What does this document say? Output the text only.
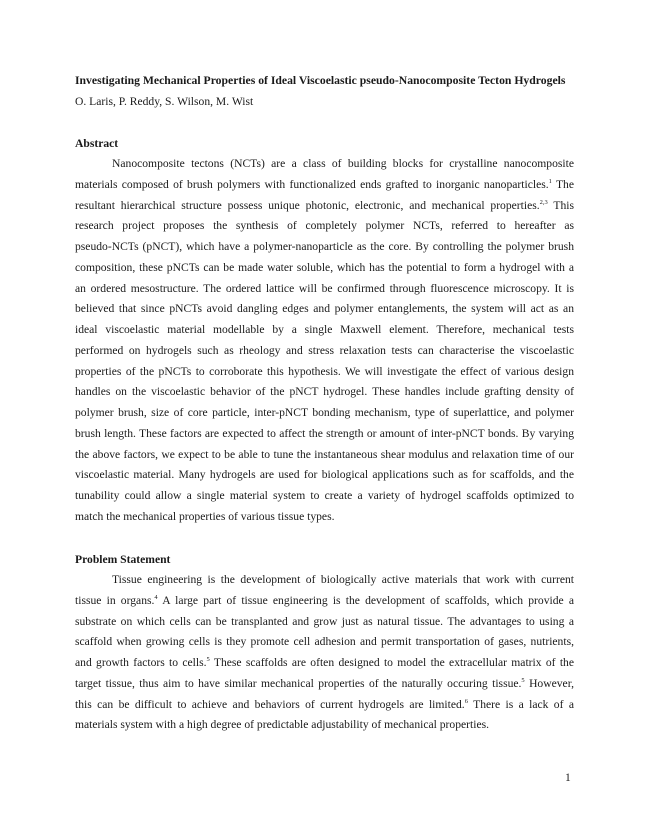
Investigating Mechanical Properties of Ideal Viscoelastic pseudo-Nanocomposite Tecton Hydrogels
O. Laris, P. Reddy, S. Wilson, M. Wist
Abstract
Nanocomposite tectons (NCTs) are a class of building blocks for crystalline nanocomposite
materials composed of brush polymers with functionalized ends grafted to inorganic nanoparticles.$^1$ The
resultant hierarchical structure possess unique photonic, electronic, and mechanical properties.$^{2,3}$ This
research project proposes the synthesis of completely polymer NCTs, referred to hereafter as
pseudo-NCTs (pNCT), which have a polymer-nanoparticle as the core. By controlling the polymer brush
composition, these pNCTs can be made water soluble, which has the potential to form a hydrogel with a
an ordered mesostructure. The ordered lattice will be confirmed through fluorescence microscopy. It is
believed that since pNCTs avoid dangling edges and polymer entanglements, the system will act as an
ideal viscoelastic material modellable by a single Maxwell element. Therefore, mechanical tests
performed on hydrogels such as rheology and stress relaxation tests can characterise the viscoelastic
properties of the pNCTs to corroborate this hypothesis. We will investigate the effect of various design
handles on the viscoelastic behavior of the pNCT hydrogel. These handles include grafting density of
polymer brush, size of core particle, inter-pNCT bonding mechanism, type of superlattice, and polymer
brush length. These factors are expected to affect the strength or amount of inter-pNCT bonds. By varying
the above factors, we expect to be able to tune the instantaneous shear modulus and relaxation time of our
viscoelastic material. Many hydrogels are used for biological applications such as for scaffolds, and the
tunability could allow a single material system to create a variety of hydrogel scaffolds optimized to
match the mechanical properties of various tissue types.
Problem Statement
Tissue engineering is the development of biologically active materials that work with current
tissue in organs.$^4$ A large part of tissue engineering is the development of scaffolds, which provide a
substrate on which cells can be transplanted and grow just as natural tissue. The advantages to using a
scaffold when growing cells is they promote cell adhesion and permit transportation of gases, nutrients,
and growth factors to cells.$^5$ These scaffolds are often designed to model the extracellular matrix of the
target tissue, thus aim to have similar mechanical properties of the naturally occuring tissue.$^5$ However,
this can be difficult to achieve and behaviors of current hydrogels are limited.$^6$ There is a lack of a
materials system with a high degree of predictable adjustability of mechanical properties.
1
